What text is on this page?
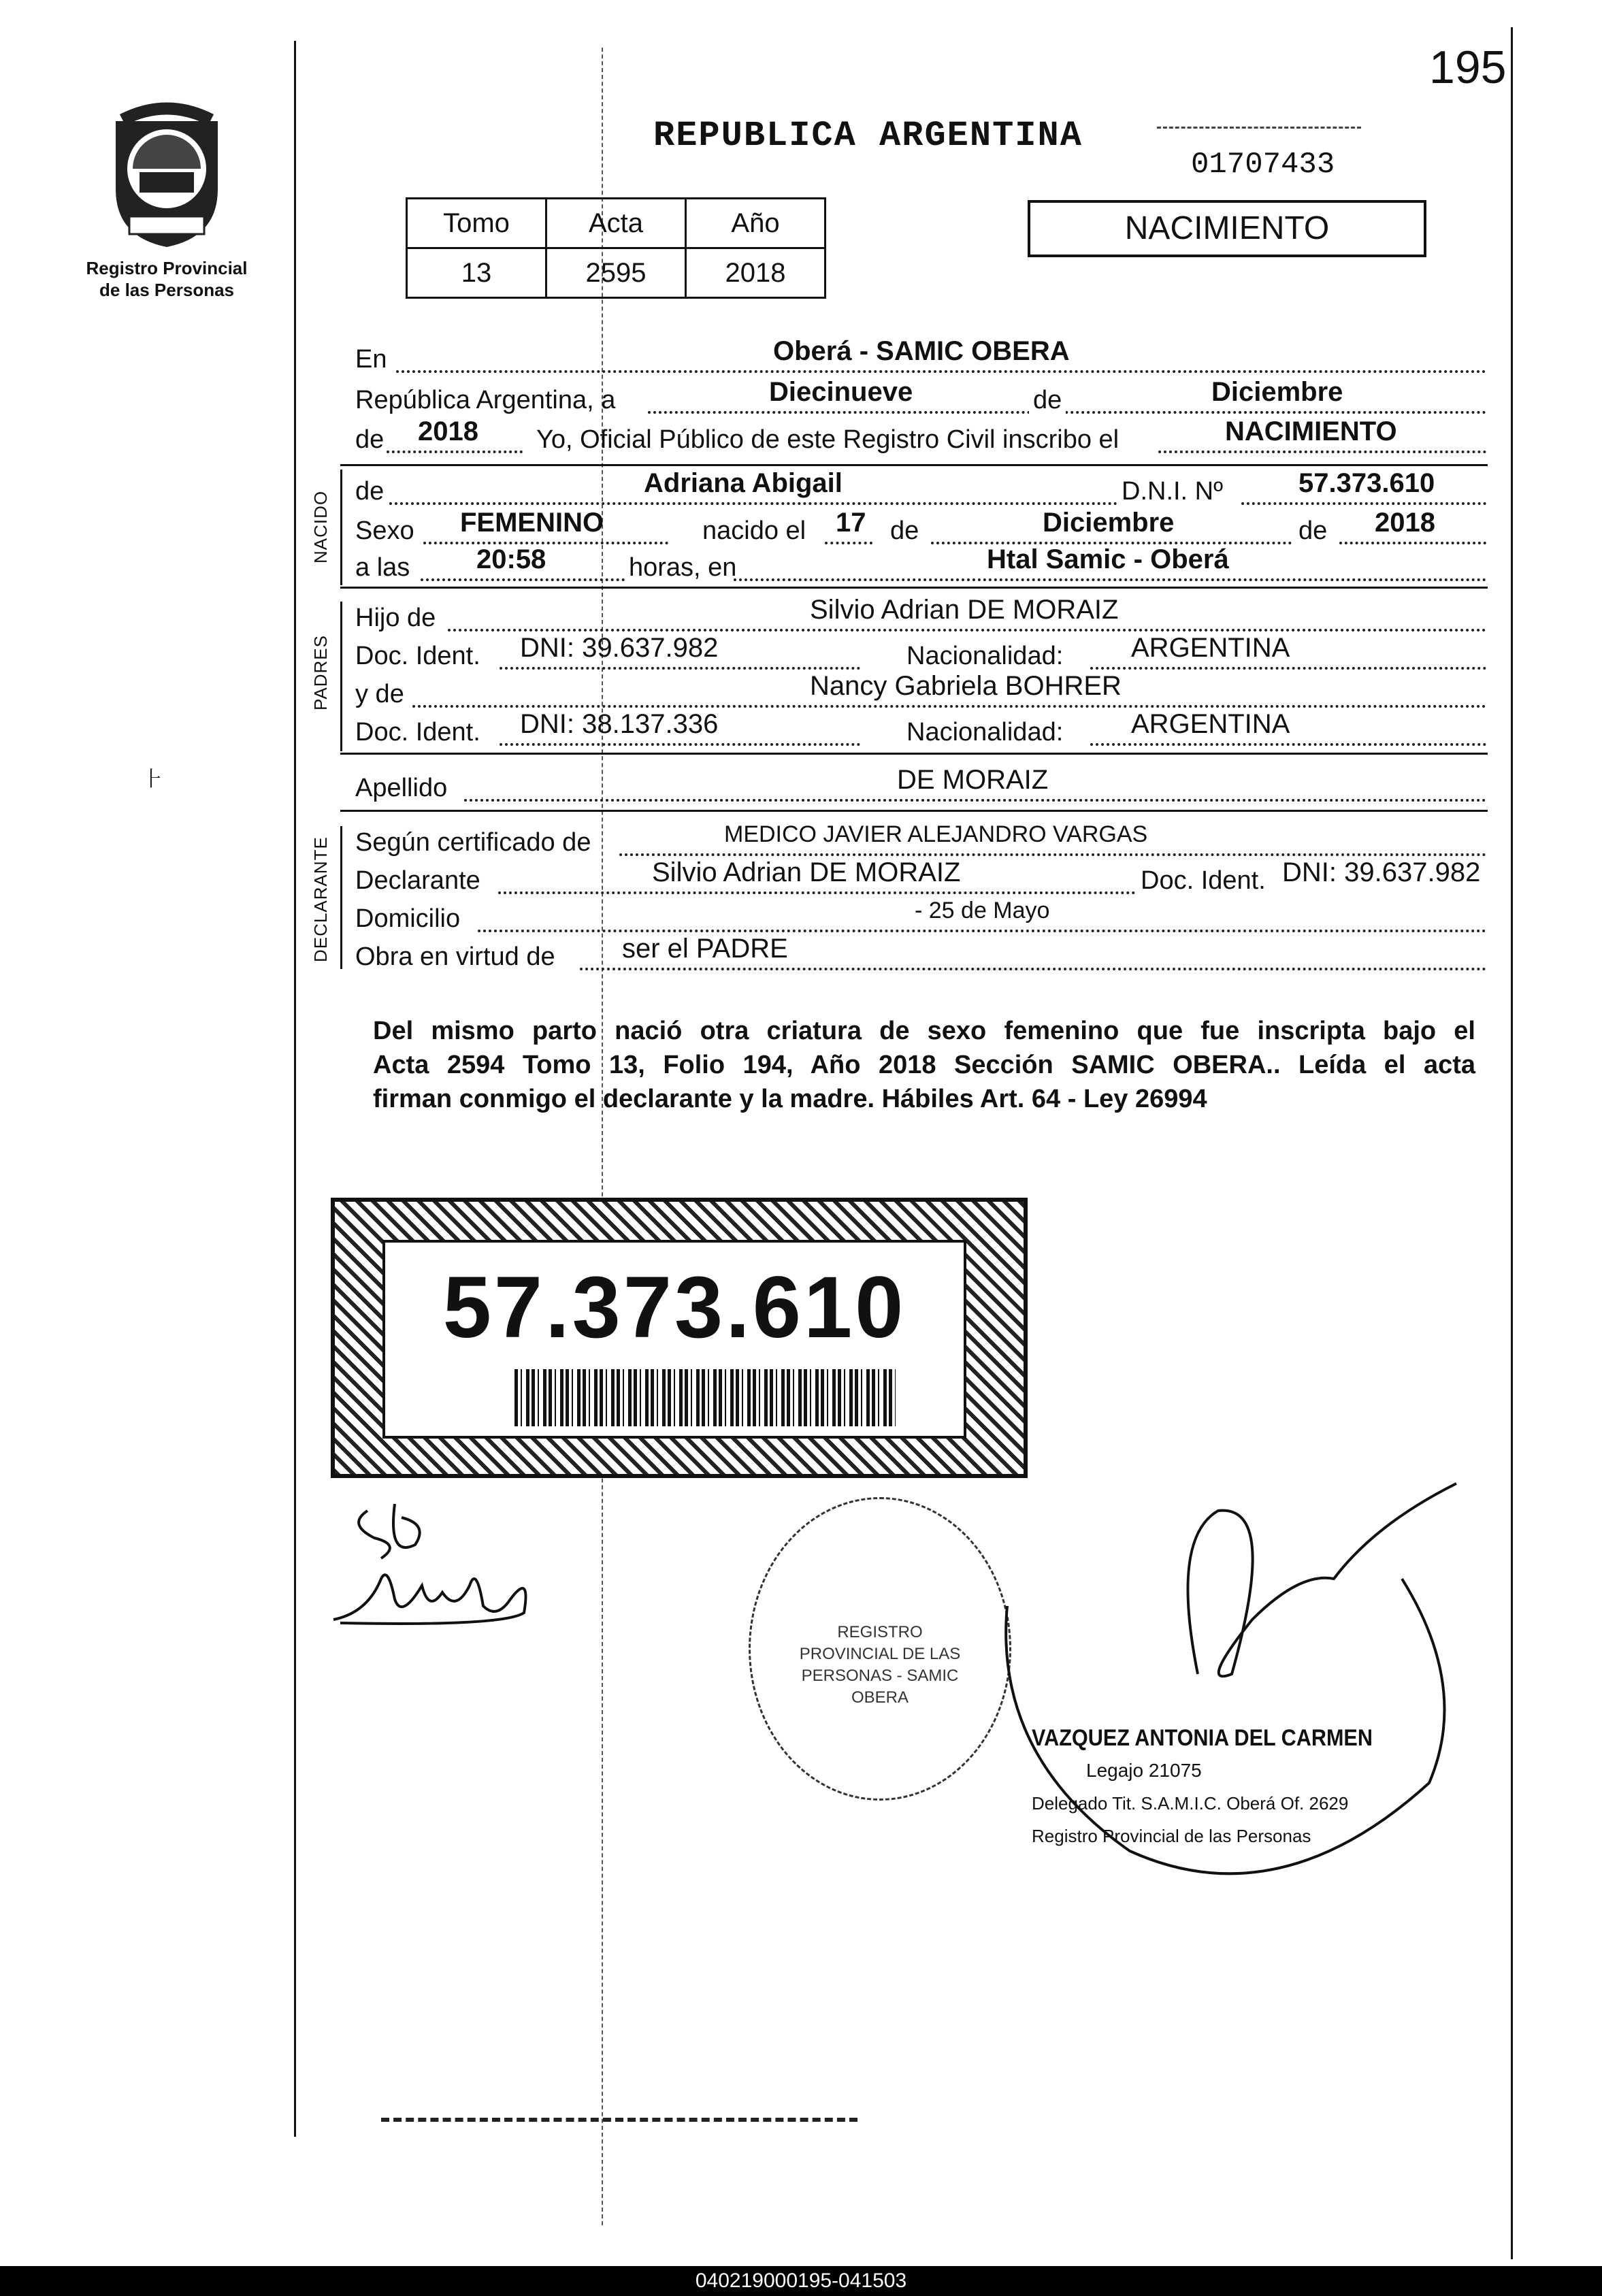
195
Registro Provincial
de las Personas
⺊
REPUBLICA ARGENTINA
01707433
Tomo	Acta	Año
13	2595	2018
NACIMIENTO
En	Oberá - SAMIC OBERA
República Argentina, a	Diecinueve	de	Diciembre
de 2018 Yo, Oficial Público de este Registro Civil inscribo el	NACIMIENTO
NACIDO de	Adriana Abigail	D.N.I. Nº	57.373.610
Sexo FEMENINO	nacido el 17 de	Diciembre	de 2018
a las 20:58	horas, en	Htal Samic - Oberá
PADRES
Hijo de	Silvio Adrian DE MORAIZ
Doc. Ident. DNI: 39.637.982	Nacionalidad: ARGENTINA
y de	Nancy Gabriela BOHRER
Doc. Ident. DNI: 38.137.336	Nacionalidad: ARGENTINA
Apellido	DE MORAIZ
DECLARANTE Según certificado de	MEDICO JAVIER ALEJANDRO VARGAS
Declarante	Silvio Adrian DE MORAIZ	Doc. Ident. DNI: 39.637.982
Domicilio	- 25 de Mayo
Obra en virtud de ser el PADRE
Del mismo parto nació otra criatura de sexo femenino que fue inscripta bajo el
Acta 2594 Tomo 13, Folio 194, Año 2018 Sección SAMIC OBERA.. Leída el acta
firman conmigo el declarante y la madre. Hábiles Art. 64 - Ley 26994
57.373.610
REGISTRO PROVINCIAL DE LAS PERSONAS - SAMIC OBERA
VAZQUEZ ANTONIA DEL CARMEN
Legajo 21075
Delegado Tit. S.A.M.I.C. Oberá Of. 2629
Registro Provincial de las Personas
040219000195-041503
